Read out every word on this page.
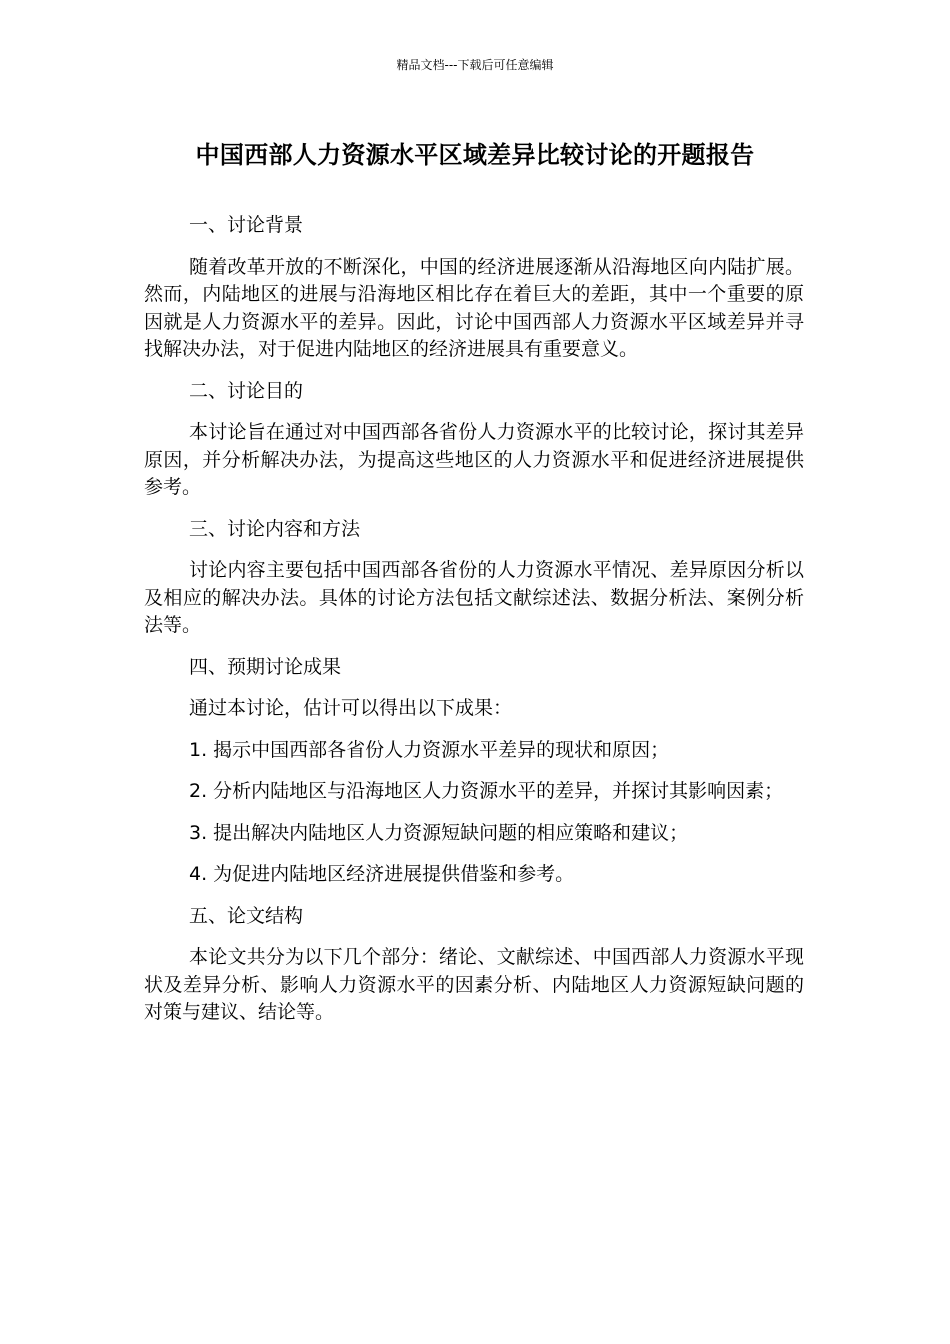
精品文档---下载后可任意编辑
中国西部人力资源水平区域差异比较讨论的开题报告

一、讨论背景

随着改革开放的不断深化，中国的经济进展逐渐从沿海地区向内陆扩展。然而，内陆地区的进展与沿海地区相比存在着巨大的差距，其中一个重要的原因就是人力资源水平的差异。因此，讨论中国西部人力资源水平区域差异并寻找解决办法，对于促进内陆地区的经济进展具有重要意义。

二、讨论目的

本讨论旨在通过对中国西部各省份人力资源水平的比较讨论，探讨其差异原因，并分析解决办法，为提高这些地区的人力资源水平和促进经济进展提供参考。

三、讨论内容和方法

讨论内容主要包括中国西部各省份的人力资源水平情况、差异原因分析以及相应的解决办法。具体的讨论方法包括文献综述法、数据分析法、案例分析法等。

四、预期讨论成果

通过本讨论，估计可以得出以下成果：

1. 揭示中国西部各省份人力资源水平差异的现状和原因；

2. 分析内陆地区与沿海地区人力资源水平的差异，并探讨其影响因素；

3. 提出解决内陆地区人力资源短缺问题的相应策略和建议；

4. 为促进内陆地区经济进展提供借鉴和参考。

五、论文结构

本论文共分为以下几个部分：绪论、文献综述、中国西部人力资源水平现状及差异分析、影响人力资源水平的因素分析、内陆地区人力资源短缺问题的对策与建议、结论等。
